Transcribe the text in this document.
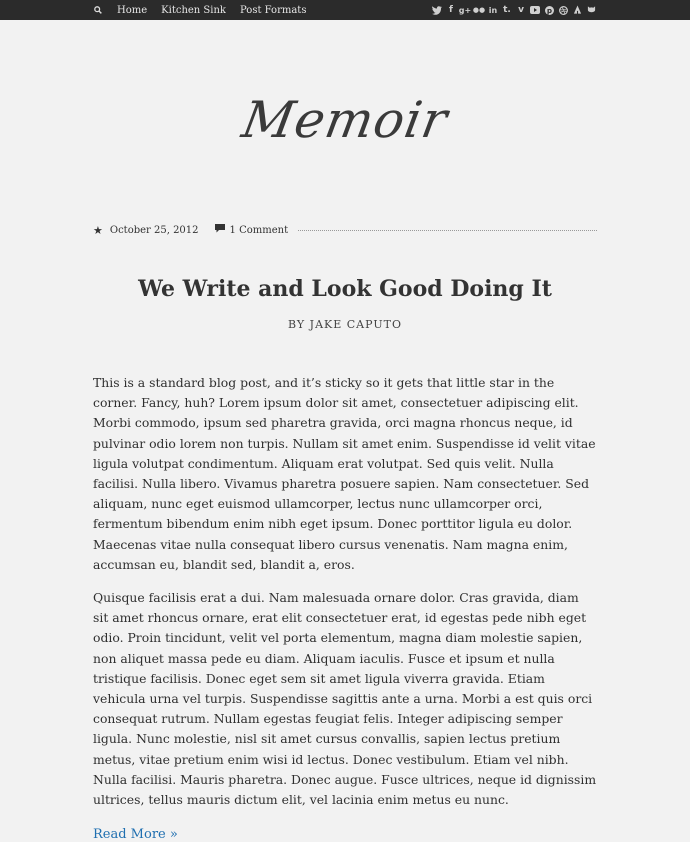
Home Kitchen Sink Post Formats	f g+ ●● in t. v	p
Memoir
★ October 25, 2012	1 Comment
We Write and Look Good Doing It
BY JAKE CAPUTO

This is a standard blog post, and it’s sticky so it gets that little star in the corner. Fancy, huh? Lorem ipsum dolor sit amet, consectetuer adipiscing elit. Morbi commodo, ipsum sed pharetra gravida, orci magna rhoncus neque, id pulvinar odio lorem non turpis. Nullam sit amet enim. Suspendisse id velit vitae ligula volutpat condimentum. Aliquam erat volutpat. Sed quis velit. Nulla facilisi. Nulla libero. Vivamus pharetra posuere sapien. Nam consectetuer. Sed aliquam, nunc eget euismod ullamcorper, lectus nunc ullamcorper orci, fermentum bibendum enim nibh eget ipsum. Donec porttitor ligula eu dolor. Maecenas vitae nulla consequat libero cursus venenatis. Nam magna enim, accumsan eu, blandit sed, blandit a, eros.

Quisque facilisis erat a dui. Nam malesuada ornare dolor. Cras gravida, diam sit amet rhoncus ornare, erat elit consectetuer erat, id egestas pede nibh eget odio. Proin tincidunt, velit vel porta elementum, magna diam molestie sapien, non aliquet massa pede eu diam. Aliquam iaculis. Fusce et ipsum et nulla tristique facilisis. Donec eget sem sit amet ligula viverra gravida. Etiam vehicula urna vel turpis. Suspendisse sagittis ante a urna. Morbi a est quis orci consequat rutrum. Nullam egestas feugiat felis. Integer adipiscing semper ligula. Nunc molestie, nisl sit amet cursus convallis, sapien lectus pretium metus, vitae pretium enim wisi id lectus. Donec vestibulum. Etiam vel nibh. Nulla facilisi. Mauris pharetra. Donec augue. Fusce ultrices, neque id dignissim ultrices, tellus mauris dictum elit, vel lacinia enim metus eu nunc.

Read More »
